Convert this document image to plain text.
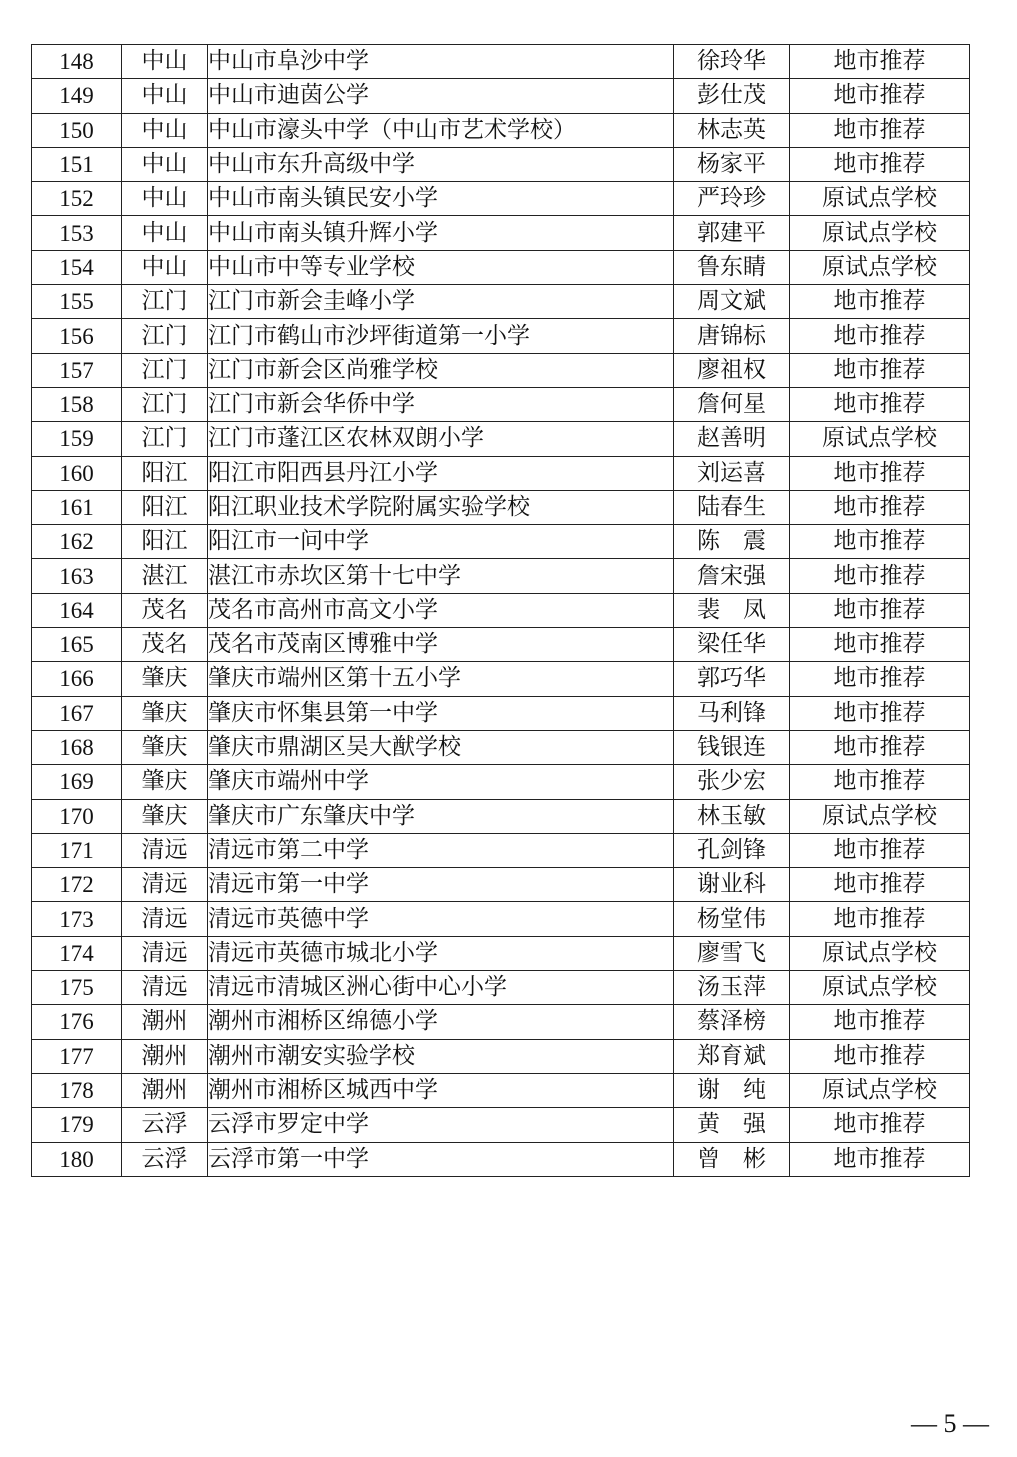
148	中山	中山市阜沙中学	徐玲华	地市推荐
149	中山	中山市迪茵公学	彭仕茂	地市推荐
150	中山	中山市濠头中学（中山市艺术学校）	林志英	地市推荐
151	中山	中山市东升高级中学	杨家平	地市推荐
152	中山	中山市南头镇民安小学	严玲珍	原试点学校
153	中山	中山市南头镇升辉小学	郭建平	原试点学校
154	中山	中山市中等专业学校	鲁东睛	原试点学校
155	江门	江门市新会圭峰小学	周文斌	地市推荐
156	江门	江门市鹤山市沙坪街道第一小学	唐锦标	地市推荐
157	江门	江门市新会区尚雅学校	廖祖权	地市推荐
158	江门	江门市新会华侨中学	詹何星	地市推荐
159	江门	江门市蓬江区农林双朗小学	赵善明	原试点学校
160	阳江	阳江市阳西县丹江小学	刘运喜	地市推荐
161	阳江	阳江职业技术学院附属实验学校	陆春生	地市推荐
162	阳江	阳江市一问中学	陈　震	地市推荐
163	湛江	湛江市赤坎区第十七中学	詹宋强	地市推荐
164	茂名	茂名市高州市高文小学	裴　凤	地市推荐
165	茂名	茂名市茂南区博雅中学	梁任华	地市推荐
166	肇庆	肇庆市端州区第十五小学	郭巧华	地市推荐
167	肇庆	肇庆市怀集县第一中学	马利锋	地市推荐
168	肇庆	肇庆市鼎湖区吴大猷学校	钱银连	地市推荐
169	肇庆	肇庆市端州中学	张少宏	地市推荐
170	肇庆	肇庆市广东肇庆中学	林玉敏	原试点学校
171	清远	清远市第二中学	孔剑锋	地市推荐
172	清远	清远市第一中学	谢业科	地市推荐
173	清远	清远市英德中学	杨堂伟	地市推荐
174	清远	清远市英德市城北小学	廖雪飞	原试点学校
175	清远	清远市清城区洲心街中心小学	汤玉萍	原试点学校
176	潮州	潮州市湘桥区绵德小学	蔡泽榜	地市推荐
177	潮州	潮州市潮安实验学校	郑育斌	地市推荐
178	潮州	潮州市湘桥区城西中学	谢　纯	原试点学校
179	云浮	云浮市罗定中学	黄　强	地市推荐
180	云浮	云浮市第一中学	曾　彬	地市推荐
— 5 —
